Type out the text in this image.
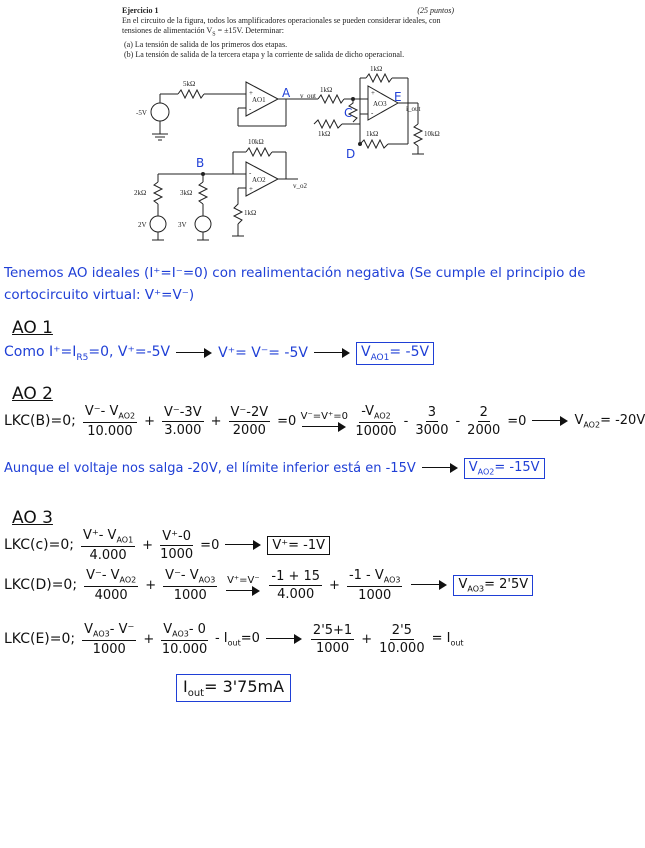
Ejercicio 1	(25 puntos)
En el circuito de la figura, todos los amplificadores operacionales se pueden considerar ideales, con tensiones de alimentación $V_S = \pm 15V$. Determinar:
(a) La tensión de salida de los primeros dos etapas.
(b) La tensión de salida de la tercera etapa y la corriente de salida de dicho operacional.
-5V
5kΩ
AO1
+
-
1kΩ
v_out
1kΩ
AO3
+
-
1kΩ
1kΩ
i_out
10kΩ
10kΩ
AO2
-
+	v_o2
2kΩ	3kΩ
1kΩ
2V	3V
A
B
C
D
E
Tenemos AO ideales (I⁺=I⁻=0) con realimentación negativa (Se cumple el principio de
cortocircuito virtual: V⁺=V⁻)
AO 1
Como $I^+=I_{R5}=0$, V⁺=-5V	V⁺= V⁻= -5V	$V_{AO1}= -5V$
AO 2
LKC(B)=0; $\frac{V^-- V_{AO2}}{10.000} + \frac{V^--3V}{3.000} + \frac{V^--2V}{2000} =0$ $V^-=V^+=0 \frac{-V_{AO2}}{10000} - \frac{3}{3000} - \frac{2}{2000} =0$	$V_{AO2}= -20V$
Aunque el voltaje nos salga -20V, el límite inferior está en -15V	$V_{AO2}= -15V$
AO 3
LKC(c)=0; $\frac{V^+- V_{AO1}}{4.000} + \frac{V^+-0}{1000} =0$	V⁺= -1V
LKC(D)=0; $\frac{V^-- V_{AO2}}{4000} + \frac{V^-- V_{AO3}}{1000} V^+=V^- \frac{-1 + 15}{4.000} + \frac{-1 - V_{AO3}}{1000}$	$V_{AO3}= 2'5V$
LKC(E)=0; $\frac{V_{AO3}- V^-}{1000} + \frac{V_{AO3}- 0}{10.000} - I_{out}=0$	$\frac{2'5+1}{1000} + \frac{2'5}{10.000} = I_{out}$
$I_{out}= 3'75mA$
